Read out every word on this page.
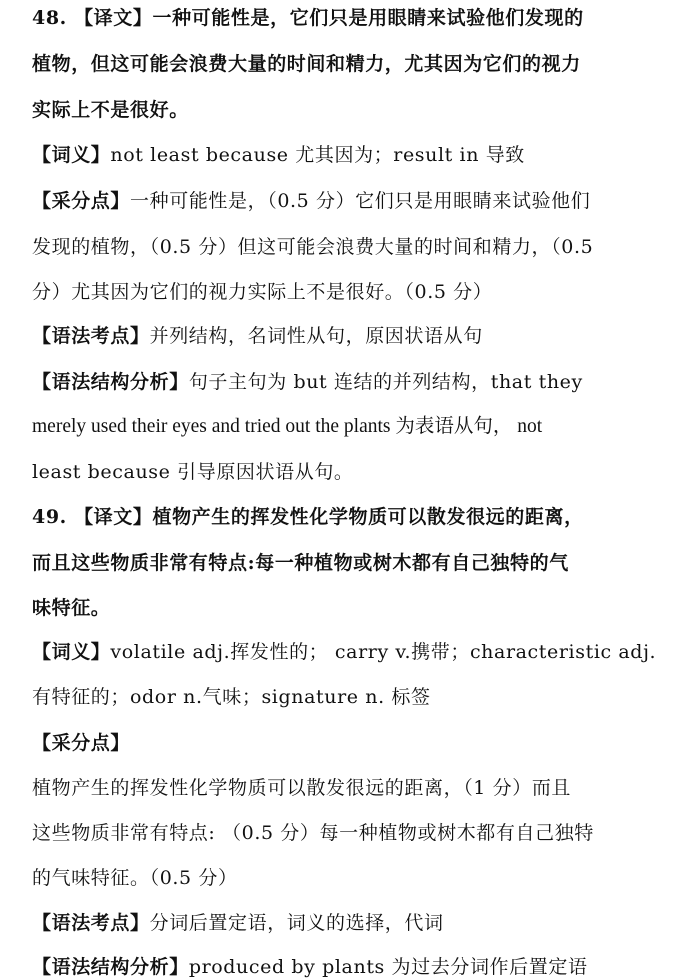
48. 【译文】一种可能性是，它们只是用眼睛来试验他们发现的
植物，但这可能会浪费大量的时间和精力，尤其因为它们的视力
实际上不是很好。
【词义】not least because 尤其因为；result in 导致
【采分点】一种可能性是，（0.5 分）它们只是用眼睛来试验他们
发现的植物，（0.5 分）但这可能会浪费大量的时间和精力，（0.5
分）尤其因为它们的视力实际上不是很好。（0.5 分）
【语法考点】并列结构，名词性从句，原因状语从句
【语法结构分析】句子主句为 but 连结的并列结构，that they
merely used their eyes and tried out the plants 为表语从句， not
least because 引导原因状语从句。
49. 【译文】植物产生的挥发性化学物质可以散发很远的距离，
而且这些物质非常有特点:每一种植物或树木都有自己独特的气
味特征。
【词义】volatile adj.挥发性的； carry v.携带；characteristic adj.
有特征的；odor n.气味；signature n. 标签
【采分点】
植物产生的挥发性化学物质可以散发很远的距离，（1 分）而且
这些物质非常有特点: （0.5 分）每一种植物或树木都有自己独特
的气味特征。（0.5 分）
【语法考点】分词后置定语，词义的选择，代词
【语法结构分析】produced by plants 为过去分词作后置定语
